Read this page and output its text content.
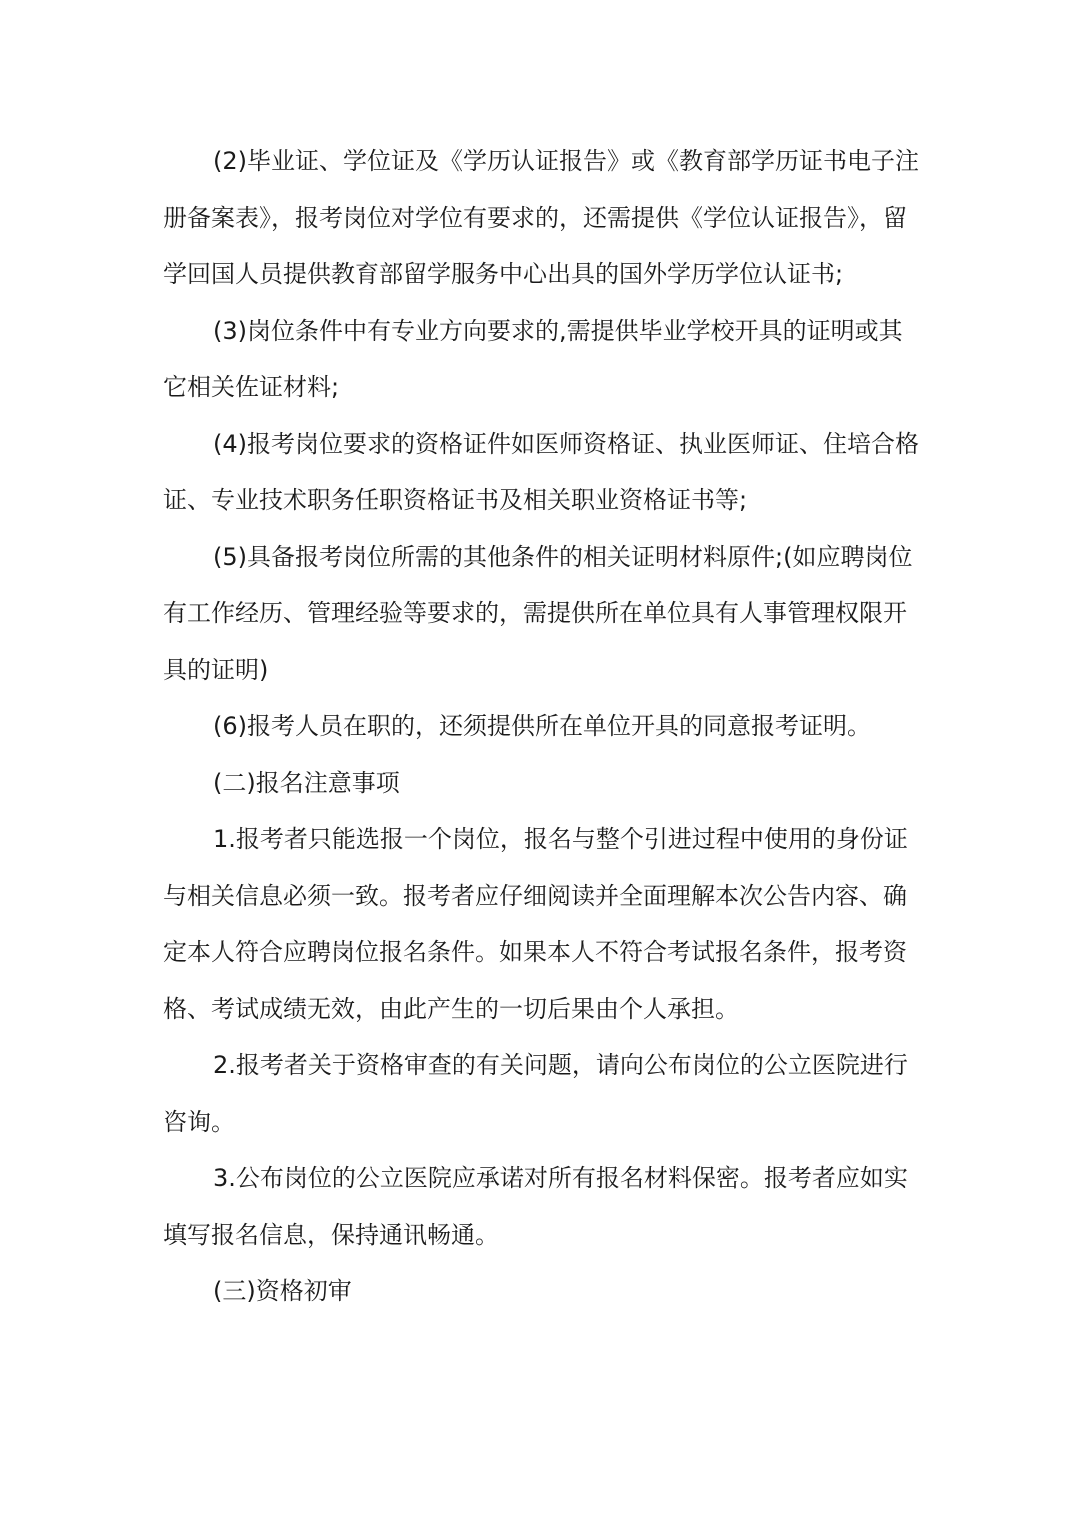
(2)毕业证、学位证及《学历认证报告》或《教育部学历证书电子注册备案表》，报考岗位对学位有要求的，还需提供《学位认证报告》，留学回国人员提供教育部留学服务中心出具的国外学历学位认证书;

(3)岗位条件中有专业方向要求的,需提供毕业学校开具的证明或其它相关佐证材料;

(4)报考岗位要求的资格证件如医师资格证、执业医师证、住培合格证、专业技术职务任职资格证书及相关职业资格证书等;

(5)具备报考岗位所需的其他条件的相关证明材料原件;(如应聘岗位有工作经历、管理经验等要求的，需提供所在单位具有人事管理权限开具的证明)

(6)报考人员在职的，还须提供所在单位开具的同意报考证明。

(二)报名注意事项

1.报考者只能选报一个岗位，报名与整个引进过程中使用的身份证与相关信息必须一致。报考者应仔细阅读并全面理解本次公告内容、确定本人符合应聘岗位报名条件。如果本人不符合考试报名条件，报考资格、考试成绩无效，由此产生的一切后果由个人承担。

2.报考者关于资格审查的有关问题，请向公布岗位的公立医院进行咨询。

3.公布岗位的公立医院应承诺对所有报名材料保密。报考者应如实填写报名信息，保持通讯畅通。

(三)资格初审
